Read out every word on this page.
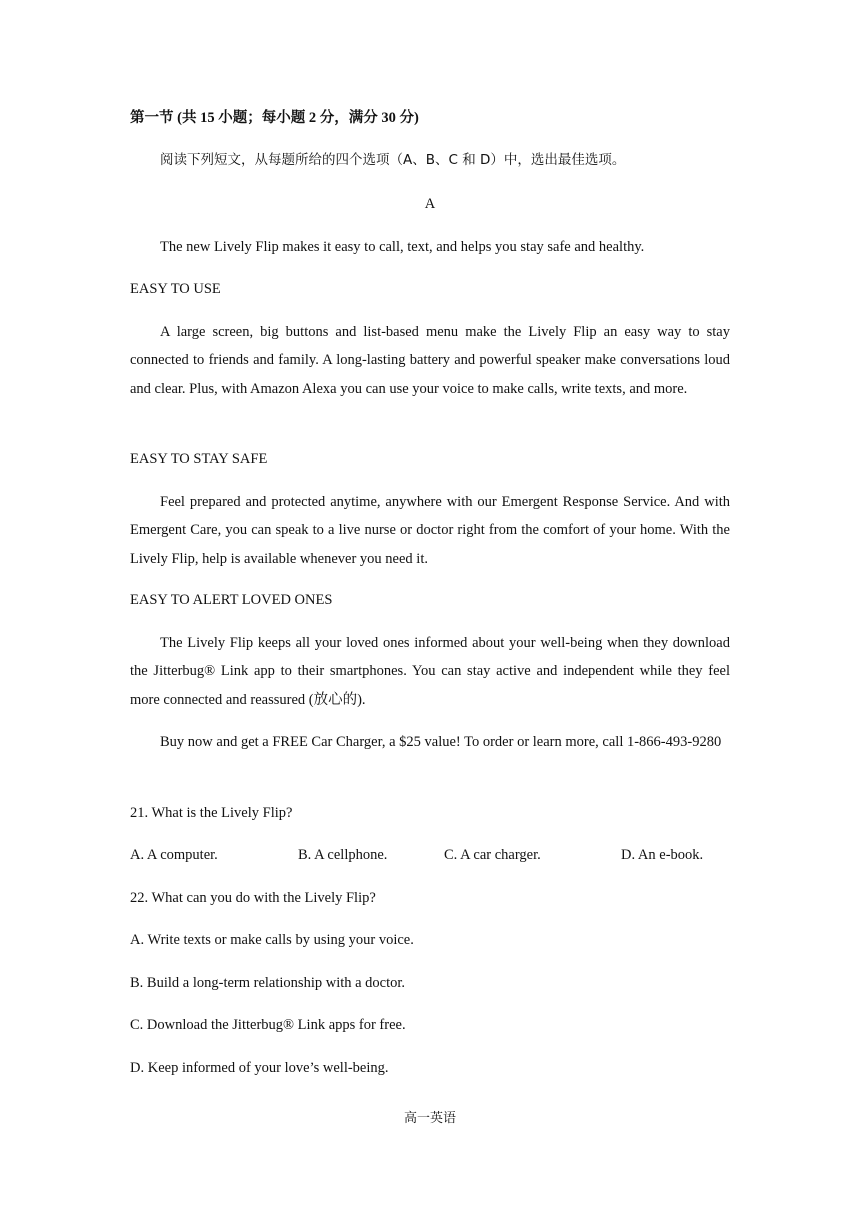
第一节 (共 15 小题；每小题 2 分，满分 30 分)
阅读下列短文，从每题所给的四个选项（A、B、C 和 D）中，选出最佳选项。
A
The new Lively Flip makes it easy to call, text, and helps you stay safe and healthy.
EASY TO USE
A large screen, big buttons and list-based menu make the Lively Flip an easy way to stay connected to friends and family. A long-lasting battery and powerful speaker make conversations loud and clear. Plus, with Amazon Alexa you can use your voice to make calls, write texts, and more.
EASY TO STAY SAFE
Feel prepared and protected anytime, anywhere with our Emergent Response Service. And with Emergent Care, you can speak to a live nurse or doctor right from the comfort of your home. With the Lively Flip, help is available whenever you need it.
EASY TO ALERT LOVED ONES
The Lively Flip keeps all your loved ones informed about your well-being when they download the Jitterbug® Link app to their smartphones. You can stay active and independent while they feel more connected and reassured (放心的).
Buy now and get a FREE Car Charger, a $25 value! To order or learn more, call 1-866-493-9280
21. What is the Lively Flip?
A. A computer.	B. A cellphone.	C. A car charger.	D. An e-book.
22. What can you do with the Lively Flip?
A. Write texts or make calls by using your voice.
B. Build a long-term relationship with a doctor.
C. Download the Jitterbug® Link apps for free.
D. Keep informed of your love’s well-being.
高一英语
